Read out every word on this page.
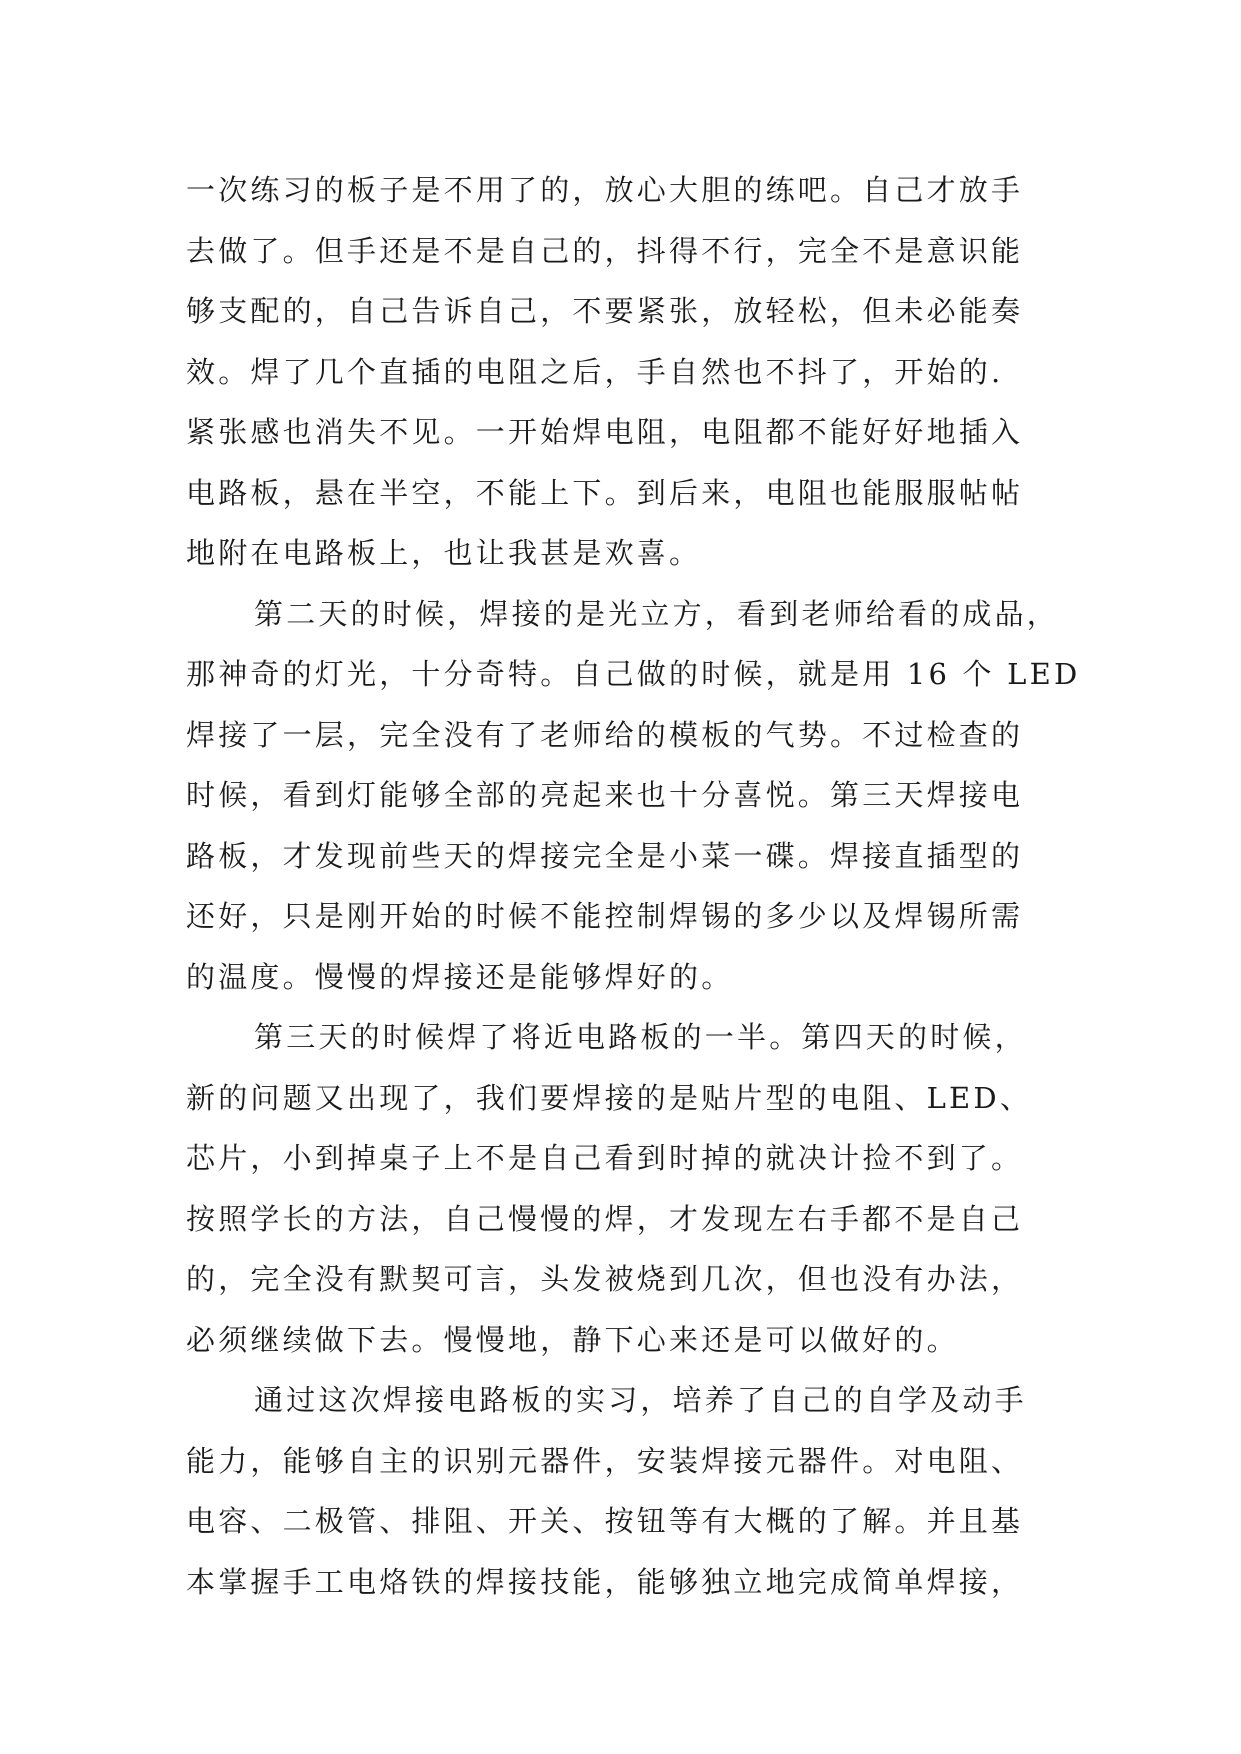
一次练习的板子是不用了的，放心大胆的练吧。自己才放手
去做了。但手还是不是自己的，抖得不行，完全不是意识能
够支配的，自己告诉自己，不要紧张，放轻松，但未必能奏
效。焊了几个直插的电阻之后，手自然也不抖了，开始的.
紧张感也消失不见。一开始焊电阻，电阻都不能好好地插入
电路板，悬在半空，不能上下。到后来，电阻也能服服帖帖
地附在电路板上，也让我甚是欢喜。
第二天的时候，焊接的是光立方，看到老师给看的成品，
那神奇的灯光，十分奇特。自己做的时候，就是用 16 个 LED
焊接了一层，完全没有了老师给的模板的气势。不过检查的
时候，看到灯能够全部的亮起来也十分喜悦。第三天焊接电
路板，才发现前些天的焊接完全是小菜一碟。焊接直插型的
还好，只是刚开始的时候不能控制焊锡的多少以及焊锡所需
的温度。慢慢的焊接还是能够焊好的。
第三天的时候焊了将近电路板的一半。第四天的时候，
新的问题又出现了，我们要焊接的是贴片型的电阻、LED、
芯片，小到掉桌子上不是自己看到时掉的就决计捡不到了。
按照学长的方法，自己慢慢的焊，才发现左右手都不是自己
的，完全没有默契可言，头发被烧到几次，但也没有办法，
必须继续做下去。慢慢地，静下心来还是可以做好的。
通过这次焊接电路板的实习，培养了自己的自学及动手
能力，能够自主的识别元器件，安装焊接元器件。对电阻、
电容、二极管、排阻、开关、按钮等有大概的了解。并且基
本掌握手工电烙铁的焊接技能，能够独立地完成简单焊接，
